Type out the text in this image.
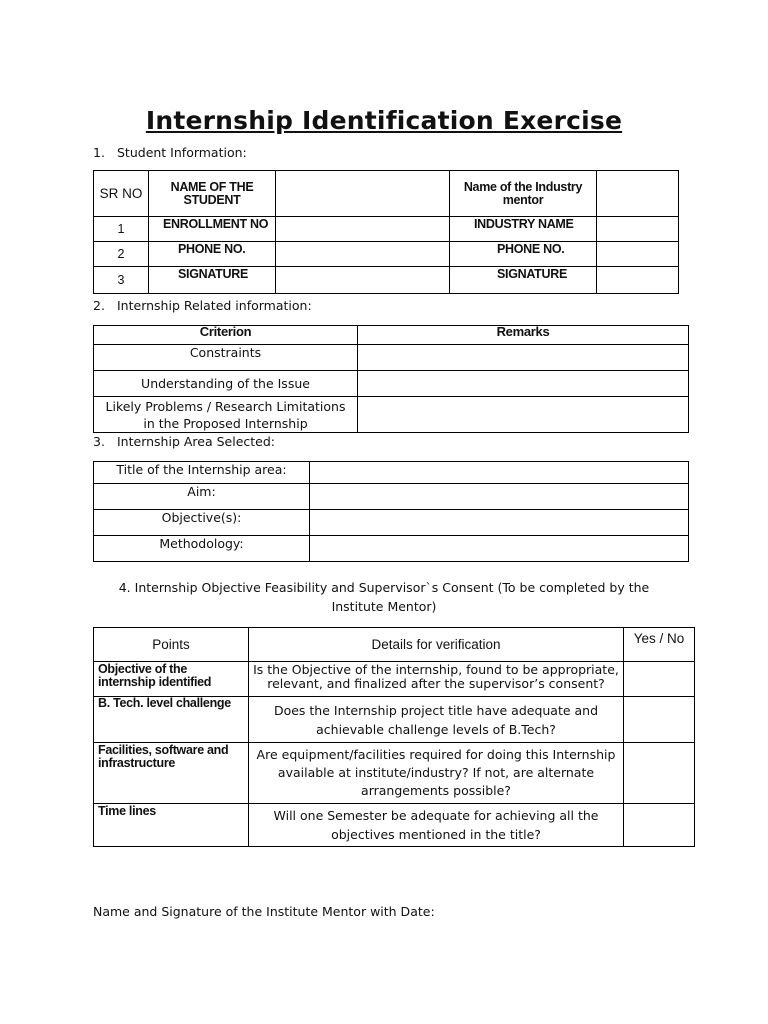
Internship Identification Exercise
1. Student Information:
SR NO	NAME OF THE STUDENT		Name of the Industry mentor	
1	ENROLLMENT NO		INDUSTRY NAME	
2	PHONE NO.		PHONE NO.	
3	SIGNATURE		SIGNATURE	
2. Internship Related information:
Criterion	Remarks
Constraints	
Understanding of the Issue	
Likely Problems / Research Limitations in the Proposed Internship	
3. Internship Area Selected:
Title of the Internship area:	
Aim:	
Objective(s):	
Methodology:	
4. Internship Objective Feasibility and Supervisor`s Consent (To be completed by the Institute Mentor)
Points	Details for verification	Yes / No
Objective of the internship identified	Is the Objective of the internship, found to be appropriate, relevant, and finalized after the supervisor’s consent?	
B. Tech. level challenge	Does the Internship project title have adequate and achievable challenge levels of B.Tech?	
Facilities, software and infrastructure	Are equipment/facilities required for doing this Internship available at institute/industry? If not, are alternate arrangements possible?	
Time lines	Will one Semester be adequate for achieving all the objectives mentioned in the title?	
Name and Signature of the Institute Mentor with Date:
